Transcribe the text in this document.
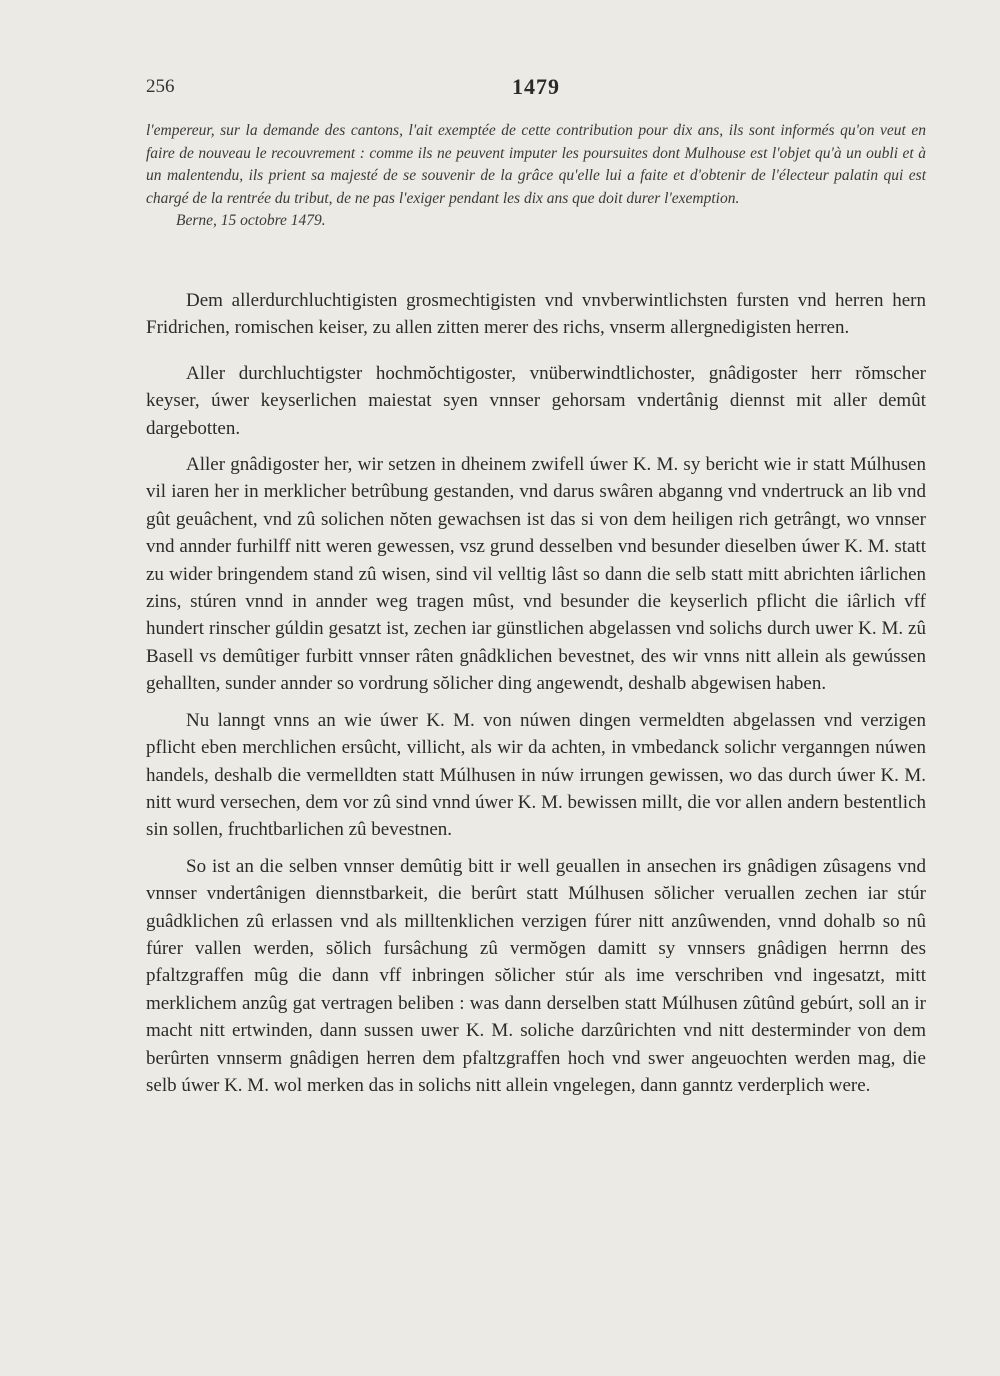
256	1479
l'empereur, sur la demande des cantons, l'ait exemptée de cette contribution pour dix ans, ils sont informés qu'on veut en faire de nouveau le recouvrement : comme ils ne peuvent imputer les poursuites dont Mulhouse est l'objet qu'à un oubli et à un malentendu, ils prient sa majesté de se souvenir de la grâce qu'elle lui a faite et d'obtenir de l'électeur palatin qui est chargé de la rentrée du tribut, de ne pas l'exiger pendant les dix ans que doit durer l'exemption.
Berne, 15 octobre 1479.

Dem allerdurchluchtigisten grosmechtigisten vnd vnvberwintlichsten fursten vnd herren hern Fridrichen, romischen keiser, zu allen zitten merer des richs, vnserm allergnedigisten herren.

Aller durchluchtigster hochmŏchtigoster, vnüberwindtlichoster, gnâdigoster herr rŏmscher keyser, úwer keyserlichen maiestat syen vnnser gehorsam vndertânig diennst mit aller demût dargebotten.

Aller gnâdigoster her, wir setzen in dheinem zwifell úwer K. M. sy bericht wie ir statt Múlhusen vil iaren her in merklicher betrûbung gestanden, vnd darus swâren abganng vnd vndertruck an lib vnd gût geuâchent, vnd zû solichen nŏten gewachsen ist das si von dem heiligen rich getrângt, wo vnnser vnd annder furhilff nitt weren gewessen, vsz grund desselben vnd besunder dieselben úwer K. M. statt zu wider bringendem stand zû wisen, sind vil velltig lâst so dann die selb statt mitt abrichten iârlichen zins, stúren vnnd in annder weg tragen mûst, vnd besunder die keyserlich pflicht die iârlich vff hundert rinscher gúldin gesatzt ist, zechen iar günstlichen abgelassen vnd solichs durch uwer K. M. zû Basell vs demûtiger furbitt vnnser râten gnâdklichen bevestnet, des wir vnns nitt allein als gewússen gehallten, sunder annder so vordrung sŏlicher ding angewendt, deshalb abgewisen haben.

Nu lanngt vnns an wie úwer K. M. von núwen dingen vermeldten abgelassen vnd verzigen pflicht eben merchlichen ersûcht, villicht, als wir da achten, in vmbedanck solichr verganngen núwen handels, deshalb die vermelldten statt Múlhusen in núw irrungen gewissen, wo das durch úwer K. M. nitt wurd versechen, dem vor zû sind vnnd úwer K. M. bewissen millt, die vor allen andern bestentlich sin sollen, fruchtbarlichen zû bevestnen.

So ist an die selben vnnser demûtig bitt ir well geuallen in ansechen irs gnâdigen zûsagens vnd vnnser vndertânigen diennstbarkeit, die berûrt statt Múlhusen sŏlicher veruallen zechen iar stúr guâdklichen zû erlassen vnd als milltenklichen verzigen fúrer nitt anzûwenden, vnnd dohalb so nû fúrer vallen werden, sŏlich fursâchung zû vermŏgen damitt sy vnnsers gnâdigen herrnn des pfaltzgraffen mûg die dann vff inbringen sŏlicher stúr als ime verschriben vnd ingesatzt, mitt merklichem anzûg gat vertragen beliben : was dann derselben statt Múlhusen zûtûnd gebúrt, soll an ir macht nitt ertwinden, dann sussen uwer K. M. soliche darzûrichten vnd nitt desterminder von dem berûrten vnnserm gnâdigen herren dem pfaltzgraffen hoch vnd swer angeuochten werden mag, die selb úwer K. M. wol merken das in solichs nitt allein vngelegen, dann ganntz verderplich were.
